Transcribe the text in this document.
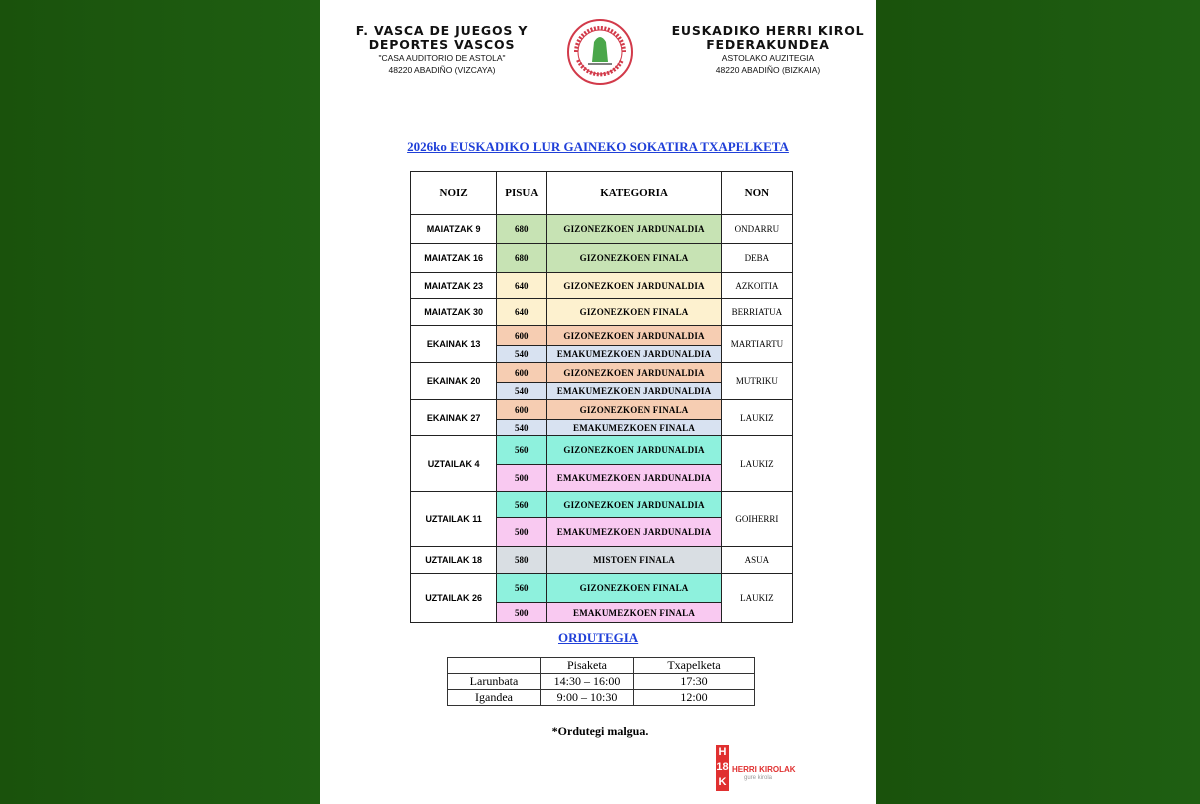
F. VASCA DE JUEGOS Y
DEPORTES VASCOS
"CASA AUDITORIO DE ASTOLA"
48220 ABADIÑO (VIZCAYA)
EUSKADIKO HERRI KIROL
FEDERAKUNDEA
ASTOLAKO AUZITEGIA
48220 ABADIÑO (BIZKAIA)
2026ko EUSKADIKO LUR GAINEKO SOKATIRA TXAPELKETA
NOIZ	PISUA	KATEGORIA	NON
MAIATZAK 9	680	GIZONEZKOEN JARDUNALDIA	ONDARRU
MAIATZAK 16	680	GIZONEZKOEN FINALA	DEBA
MAIATZAK 23	640	GIZONEZKOEN JARDUNALDIA	AZKOITIA
MAIATZAK 30	640	GIZONEZKOEN FINALA	BERRIATUA
EKAINAK 13	600	GIZONEZKOEN JARDUNALDIA	MARTIARTU
	540	EMAKUMEZKOEN JARDUNALDIA	
EKAINAK 20	600	GIZONEZKOEN JARDUNALDIA	MUTRIKU
	540	EMAKUMEZKOEN JARDUNALDIA	
EKAINAK 27	600	GIZONEZKOEN FINALA	LAUKIZ
	540	EMAKUMEZKOEN FINALA	
UZTAILAK 4	560	GIZONEZKOEN JARDUNALDIA	LAUKIZ
	500	EMAKUMEZKOEN JARDUNALDIA	
UZTAILAK 11	560	GIZONEZKOEN JARDUNALDIA	GOIHERRI
	500	EMAKUMEZKOEN JARDUNALDIA	
UZTAILAK 18	580	MISTOEN FINALA	ASUA
UZTAILAK 26	560	GIZONEZKOEN FINALA	LAUKIZ
	500	EMAKUMEZKOEN FINALA	
ORDUTEGIA
	Pisaketa	Txapelketa
Larunbata	14:30 – 16:00	17:30
Igandea	9:00 – 10:30	12:00
*Ordutegi malgua.
H
18
K
HERRI KIROLAK
gure kirola
